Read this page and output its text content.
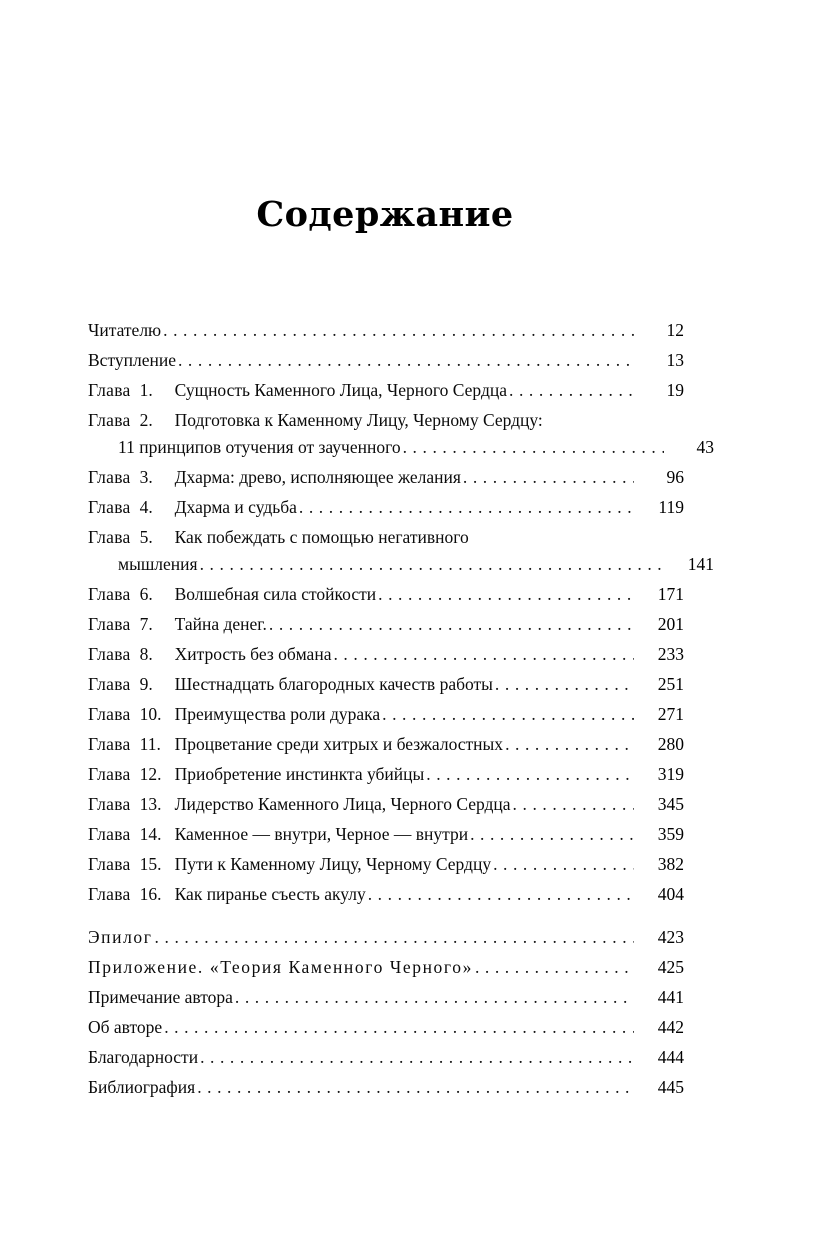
Содержание
Читателю . . .	12
Вступление . . .	13
Глава 1.	Сущность Каменного Лица, Черного Сердца . . .	19
Глава 2.	Подготовка к Каменному Лицу, Черному Сердцу:
11 принципов отучения от заученного . . .	43
Глава 3.	Дхарма: древо, исполняющее желания . . .	96
Глава 4.	Дхарма и судьба . . .	119
Глава 5.	Как побеждать с помощью негативного
мышления . . .	141
Глава 6.	Волшебная сила стойкости . . .	171
Глава 7.	Тайна денег. . . .	201
Глава 8.	Хитрость без обмана . . .	233
Глава 9.	Шестнадцать благородных качеств работы . . .	251
Глава 10. Преимущества роли дурака . . .	271
Глава 11. Процветание среди хитрых и безжалостных . . .	280
Глава 12. Приобретение инстинкта убийцы . . .	319
Глава 13. Лидерство Каменного Лица, Черного Сердца . . .	345
Глава 14. Каменное — внутри, Черное — внутри . . .	359
Глава 15. Пути к Каменному Лицу, Черному Сердцу . . .	382
Глава 16. Как пиранье съесть акулу . . .	404
Эпилог . . .	423
Приложение. «Теория Каменного Черного» . . .	425
Примечание автора . . .	441
Об авторе . . .	442
Благодарности . . .	444
Библиография . . .	445
